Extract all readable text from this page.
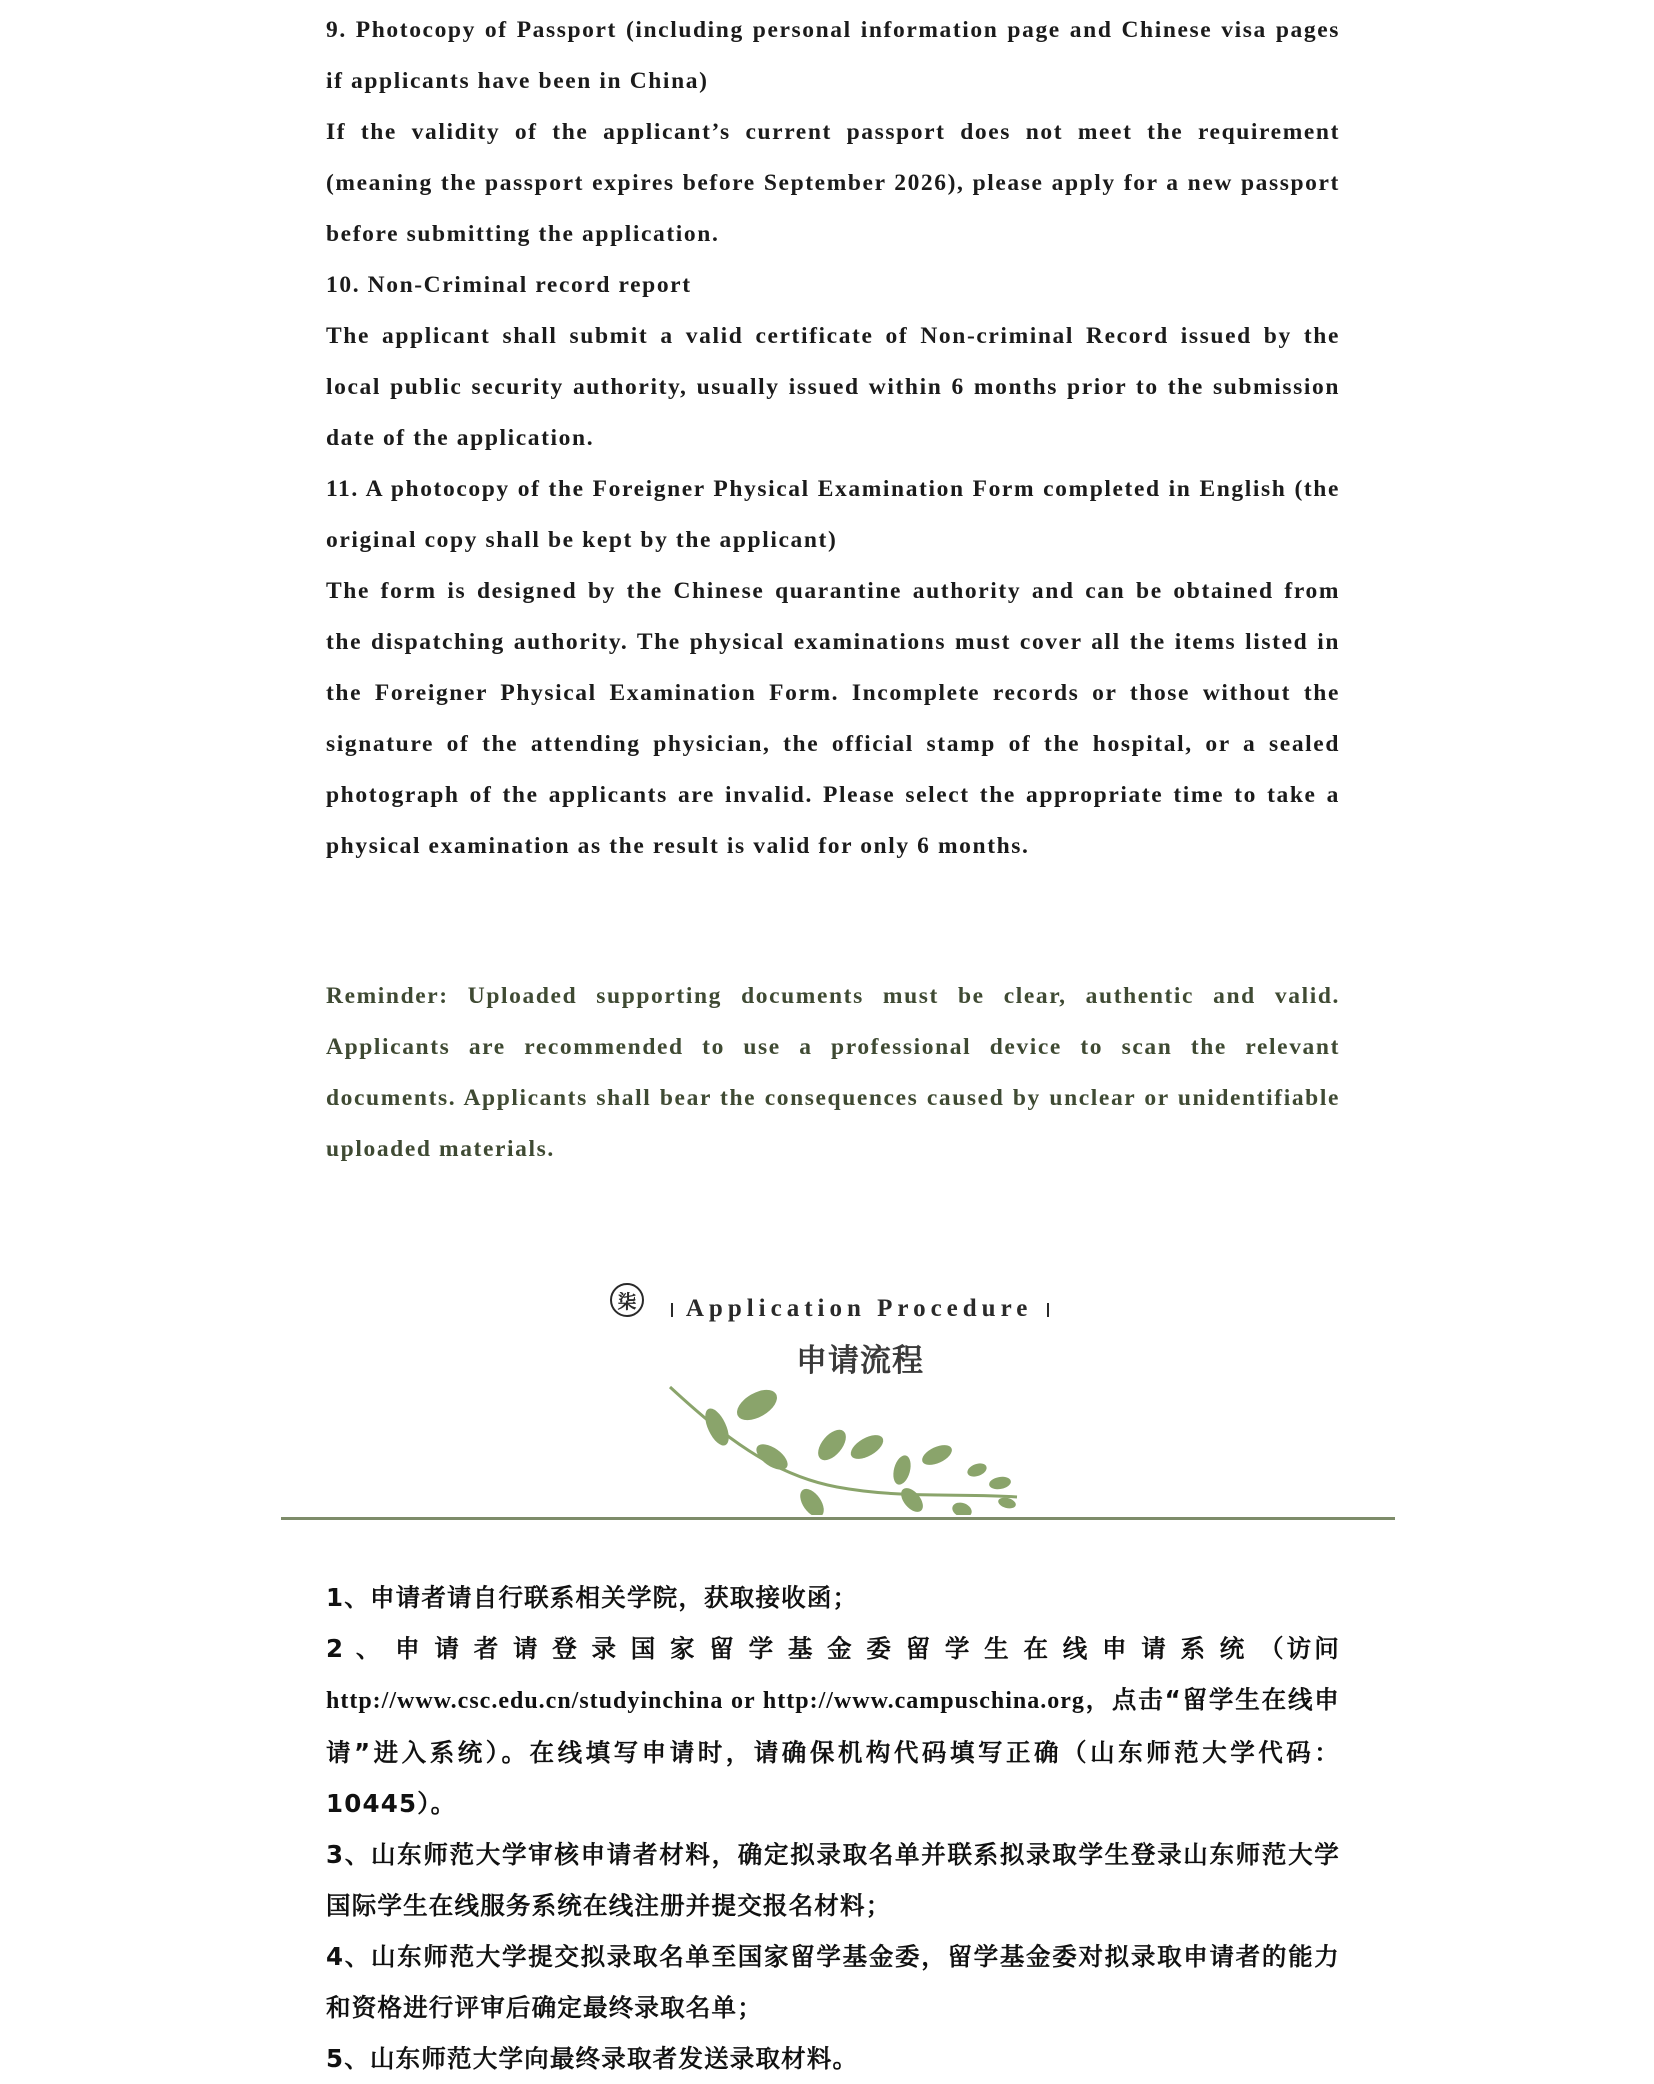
9. Photocopy of Passport (including personal information page and Chinese visa pages if applicants have been in China)

If the validity of the applicant’s current passport does not meet the requirement (meaning the passport expires before September 2026), please apply for a new passport before submitting the application.

10. Non-Criminal record report

The applicant shall submit a valid certificate of Non-criminal Record issued by the local public security authority, usually issued within 6 months prior to the submission date of the application.

11. A photocopy of the Foreigner Physical Examination Form completed in English (the original copy shall be kept by the applicant)

The form is designed by the Chinese quarantine authority and can be obtained from the dispatching authority. The physical examinations must cover all the items listed in the Foreigner Physical Examination Form. Incomplete records or those without the signature of the attending physician, the official stamp of the hospital, or a sealed photograph of the applicants are invalid. Please select the appropriate time to take a physical examination as the result is valid for only 6 months.

Reminder: Uploaded supporting documents must be clear, authentic and valid. Applicants are recommended to use a professional device to scan the relevant documents. Applicants shall bear the consequences caused by unclear or unidentifiable uploaded materials.

柒	Application Procedure
申请流程

1、申请者请自行联系相关学院，获取接收函；

2 、 申 请 者 请 登 录 国 家 留 学 基 金 委 留 学 生 在 线 申 请 系 统 （访问 http://www.csc.edu.cn/studyinchina or http://www.campuschina.org，点击“留学生在线申请”进入系统）。在线填写申请时，请确保机构代码填写正确（山东师范大学代码：10445）。

3、山东师范大学审核申请者材料，确定拟录取名单并联系拟录取学生登录山东师范大学国际学生在线服务系统在线注册并提交报名材料；

4、山东师范大学提交拟录取名单至国家留学基金委，留学基金委对拟录取申请者的能力和资格进行评审后确定最终录取名单；

5、山东师范大学向最终录取者发送录取材料。
